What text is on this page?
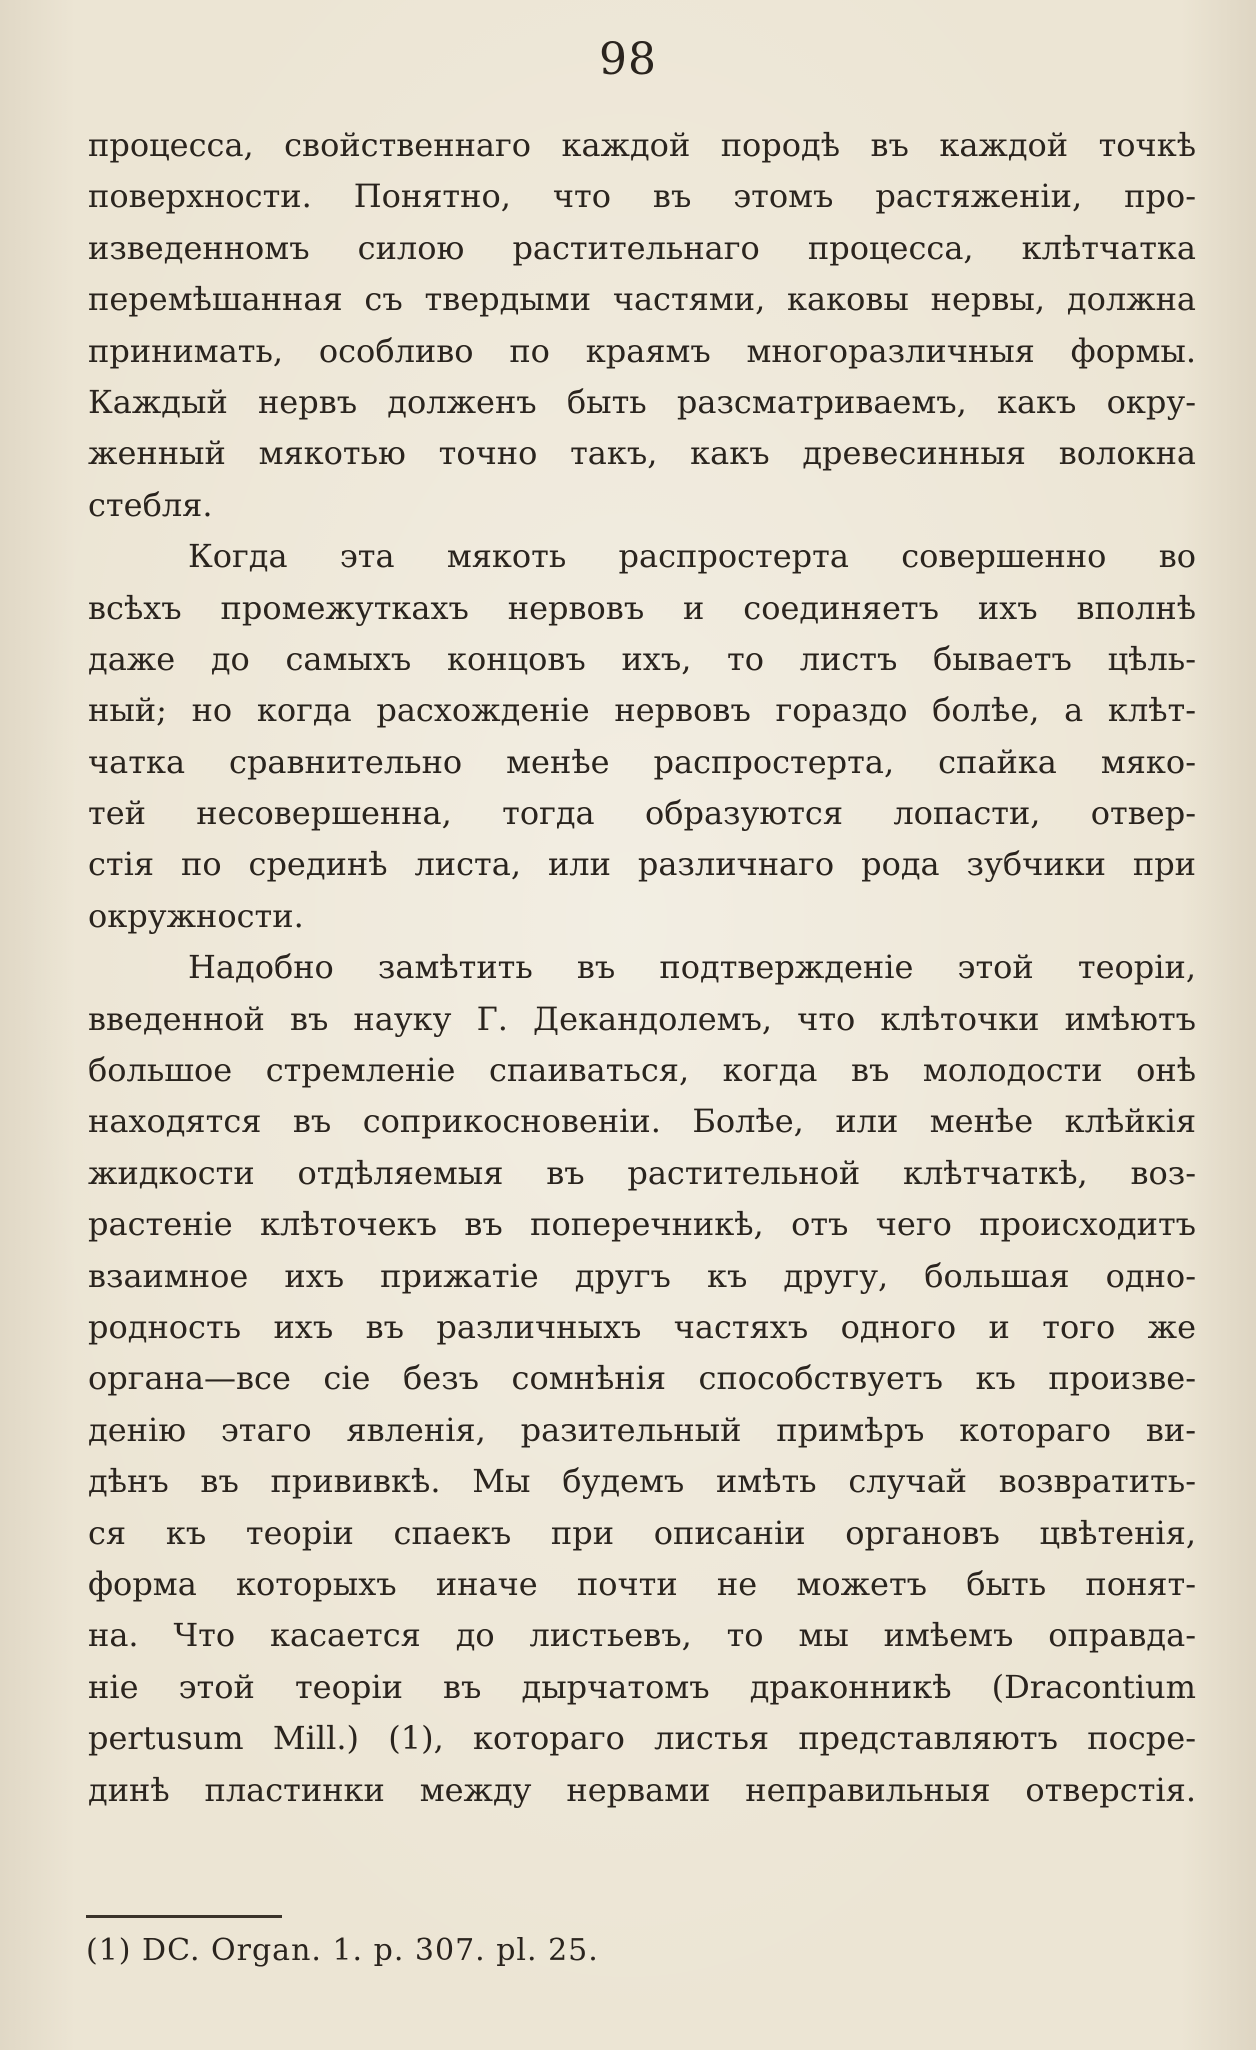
98
процесса, свойственнаго каждой породѣ въ каждой точкѣ
поверхности. Понятно, что въ этомъ растяженiи, про-
изведенномъ силою растительнаго процесса, клѣтчатка
перемѣшанная съ твердыми частями, каковы нервы, должна
принимать, особливо по краямъ многоразличныя формы.
Каждый нервъ долженъ быть разсматриваемъ, какъ окру-
женный мякотью точно такъ, какъ древесинныя волокна
стебля.
Когда эта мякоть распростерта совершенно во
всѣхъ промежуткахъ нервовъ и соединяетъ ихъ вполнѣ
даже до самыхъ концовъ ихъ, то листъ бываетъ цѣль-
ный; но когда расхожденiе нервовъ гораздо болѣе, а клѣт-
чатка сравнительно менѣе распростерта, спайка мяко-
тей несовершенна, тогда образуются лопасти, отвер-
стiя по срединѣ листа, или различнаго рода зубчики при
окружности.
Надобно замѣтить въ подтвержденiе этой теорiи,
введенной въ науку Г. Декандолемъ, что клѣточки имѣютъ
большое стремленiе спаиваться, когда въ молодости онѣ
находятся въ соприкосновенiи. Болѣе, или менѣе клѣйкiя
жидкости отдѣляемыя въ растительной клѣтчаткѣ, воз-
растенiе клѣточекъ въ поперечникѣ, отъ чего происходитъ
взаимное ихъ прижатiе другъ къ другу, большая одно-
родность ихъ въ различныхъ частяхъ одного и того же
органа—все сiе безъ сомнѣнiя способствуетъ къ произве-
денiю этаго явленiя, разительный примѣръ котораго ви-
дѣнъ въ прививкѣ. Мы будемъ имѣть случай возвратить-
ся къ теорiи спаекъ при описанiи органовъ цвѣтенiя,
форма которыхъ иначе почти не можетъ быть понят-
на. Что касается до листьевъ, то мы имѣемъ оправда-
нiе этой теорiи въ дырчатомъ драконникѣ (Dracontium
pertusum Mill.) (1), котораго листья представляютъ посре-
динѣ пластинки между нервами неправильныя отверстiя.
(1) DC. Organ. 1. p. 307. pl. 25.
